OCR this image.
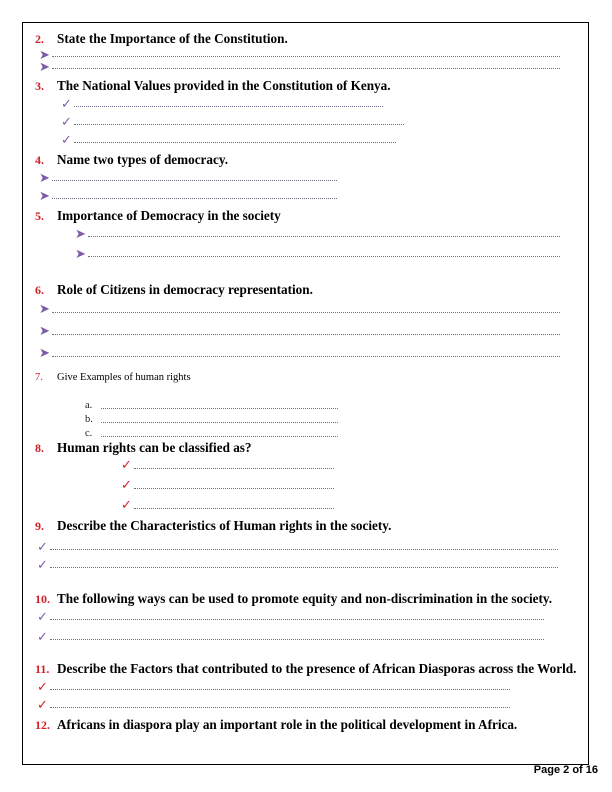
2. State the Importance of the Constitution.
➤
➤
3. The National Values provided in the Constitution of Kenya.
✓
✓
✓
4. Name two types of democracy.
➤
➤
5. Importance of Democracy in the society
➤
➤
6. Role of Citizens in democracy representation.
➤
➤
➤
7.	Give Examples of human rights
a.
b.
c.
8. Human rights can be classified as?
✓
✓
✓
9. Describe the Characteristics of Human rights in the society.
✓
✓
10. The following ways can be used to promote equity and non-discrimination in the society.
✓
✓
11. Describe the Factors that contributed to the presence of African Diasporas across the World.
✓
✓
12. Africans in diaspora play an important role in the political development in Africa.
Page 2 of 16
